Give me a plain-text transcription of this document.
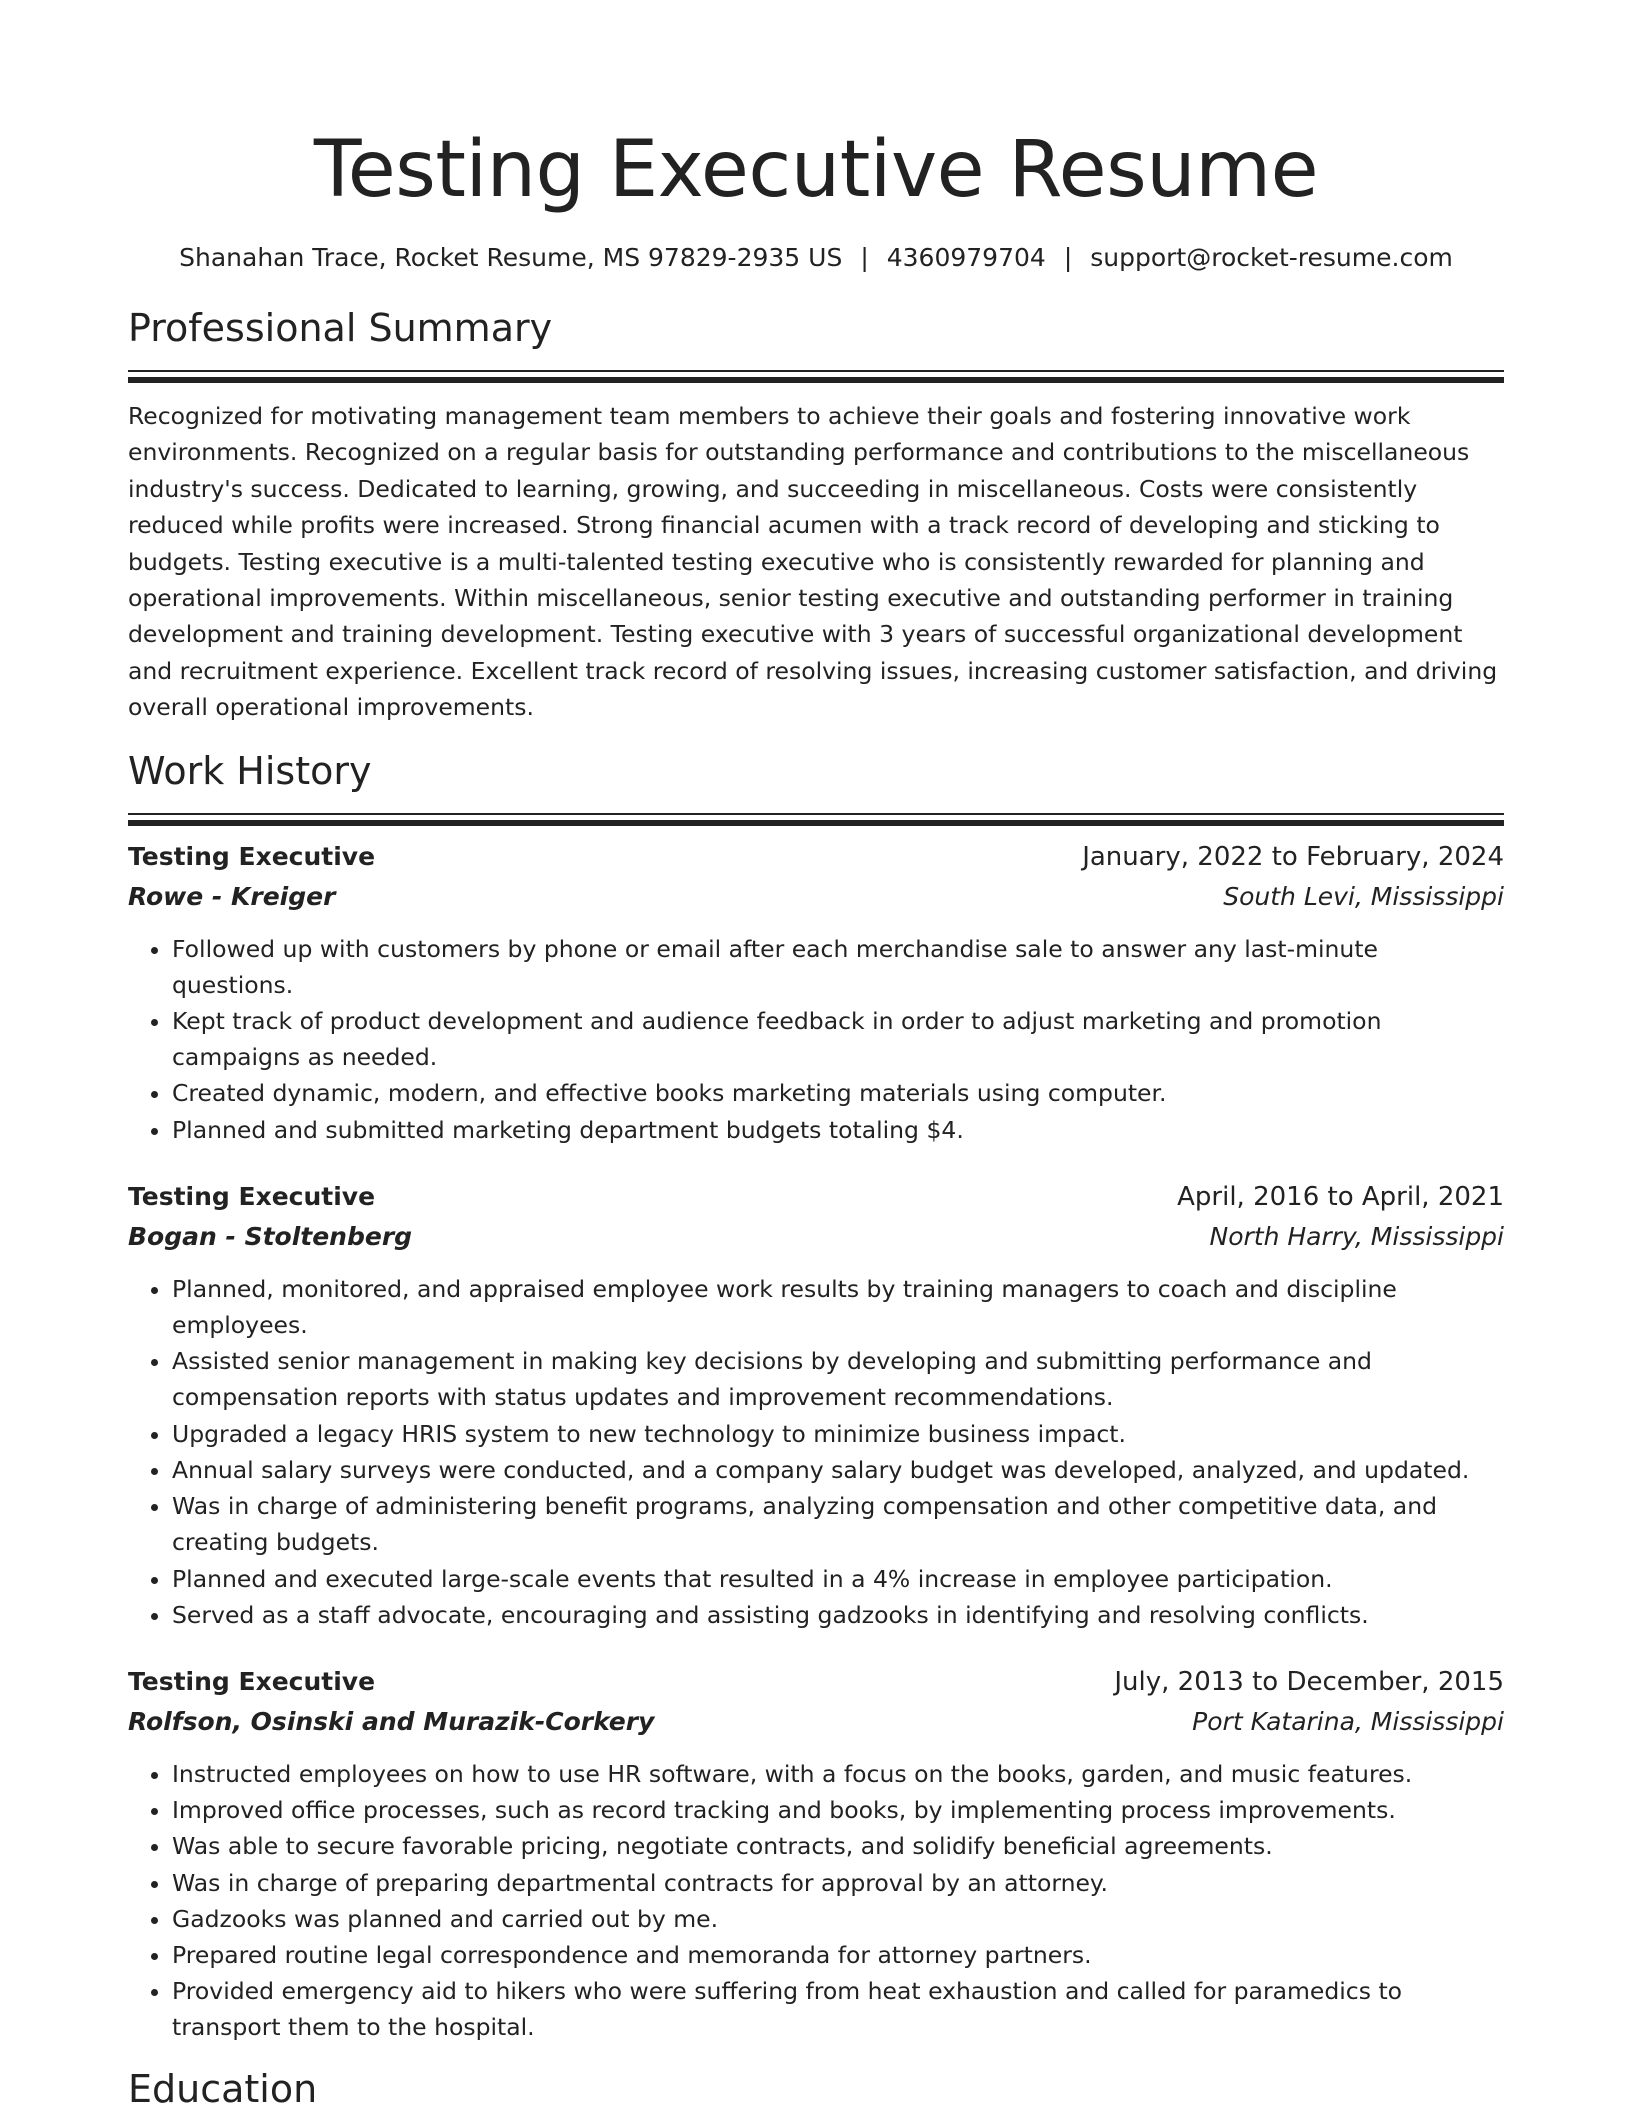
Testing Executive Resume
Shanahan Trace, Rocket Resume, MS 97829-2935 US | 4360979704 | support@rocket-resume.com
Professional Summary
Recognized for motivating management team members to achieve their goals and fostering innovative work environments. Recognized on a regular basis for outstanding performance and contributions to the miscellaneous industry's success. Dedicated to learning, growing, and succeeding in miscellaneous. Costs were consistently reduced while profits were increased. Strong financial acumen with a track record of developing and sticking to budgets. Testing executive is a multi-talented testing executive who is consistently rewarded for planning and operational improvements. Within miscellaneous, senior testing executive and outstanding performer in training development and training development. Testing executive with 3 years of successful organizational development and recruitment experience. Excellent track record of resolving issues, increasing customer satisfaction, and driving overall operational improvements.
Work History
Testing Executive	January, 2022 to February, 2024
Rowe - Kreiger	South Levi, Mississippi
• Followed up with customers by phone or email after each merchandise sale to answer any last-minute questions.
• Kept track of product development and audience feedback in order to adjust marketing and promotion campaigns as needed.
• Created dynamic, modern, and effective books marketing materials using computer.
• Planned and submitted marketing department budgets totaling $4.
Testing Executive	April, 2016 to April, 2021
Bogan - Stoltenberg	North Harry, Mississippi
• Planned, monitored, and appraised employee work results by training managers to coach and discipline employees.
• Assisted senior management in making key decisions by developing and submitting performance and compensation reports with status updates and improvement recommendations.
• Upgraded a legacy HRIS system to new technology to minimize business impact.
• Annual salary surveys were conducted, and a company salary budget was developed, analyzed, and updated.
• Was in charge of administering benefit programs, analyzing compensation and other competitive data, and creating budgets.
• Planned and executed large-scale events that resulted in a 4% increase in employee participation.
• Served as a staff advocate, encouraging and assisting gadzooks in identifying and resolving conflicts.
Testing Executive	July, 2013 to December, 2015
Rolfson, Osinski and Murazik-Corkery	Port Katarina, Mississippi
• Instructed employees on how to use HR software, with a focus on the books, garden, and music features.
• Improved office processes, such as record tracking and books, by implementing process improvements.
• Was able to secure favorable pricing, negotiate contracts, and solidify beneficial agreements.
• Was in charge of preparing departmental contracts for approval by an attorney.
• Gadzooks was planned and carried out by me.
• Prepared routine legal correspondence and memoranda for attorney partners.
• Provided emergency aid to hikers who were suffering from heat exhaustion and called for paramedics to transport them to the hospital.
Education
